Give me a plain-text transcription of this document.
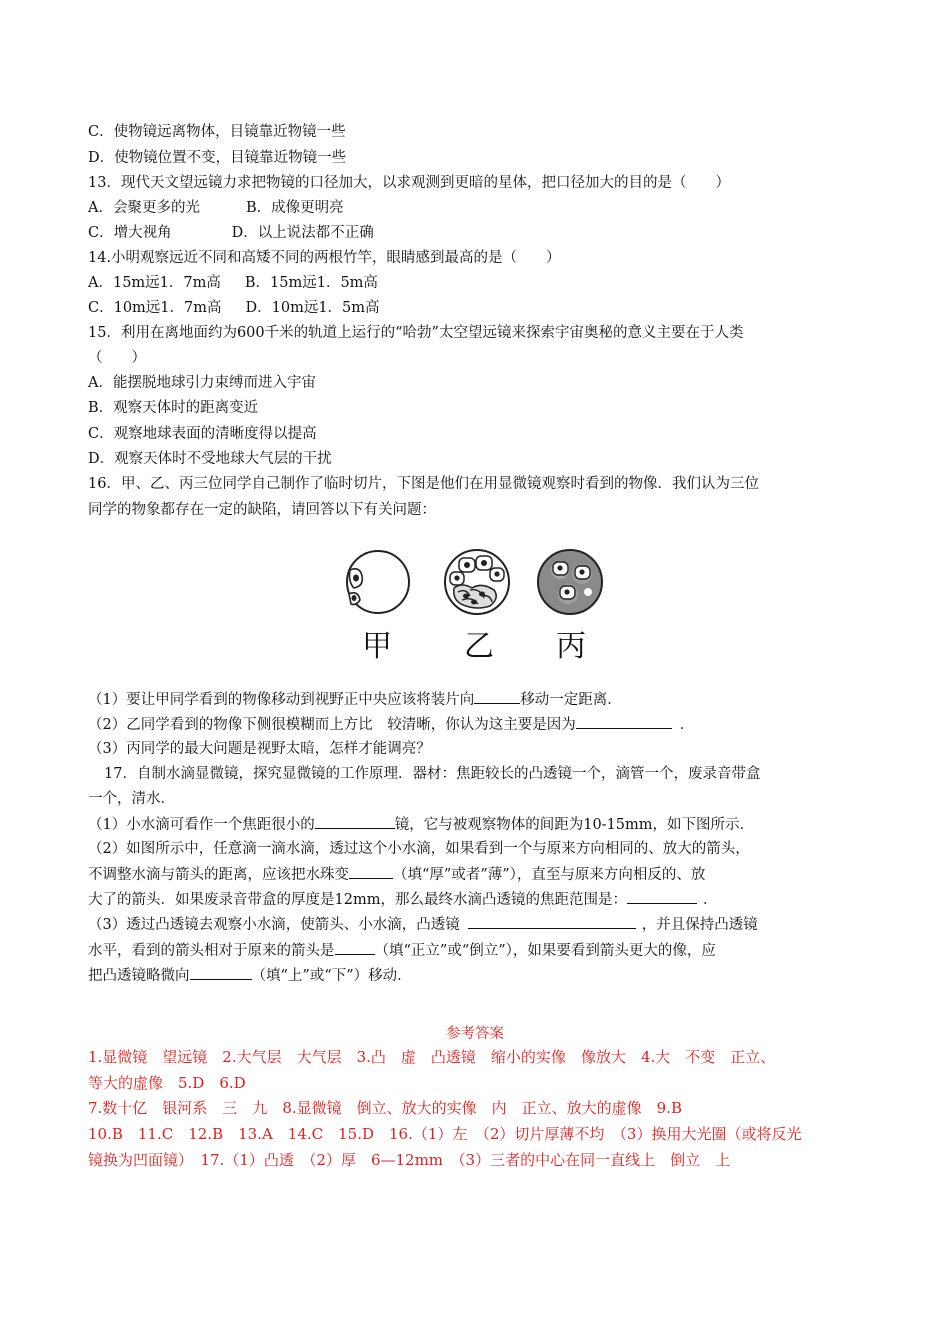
C．使物镜远离物体，目镜靠近物镜一些
D．使物镜位置不变，目镜靠近物镜一些
13．现代天文望远镜力求把物镜的口径加大，以求观测到更暗的星体，把口径加大的目的是（　　）
A．会聚更多的光	B．成像更明亮
C．增大视角	D．以上说法都不正确
14.小明观察远近不同和高矮不同的两根竹竿，眼睛感到最高的是（　　）
A．15m远1．7m高 B．15m远1．5m高
C．10m远1．7m高 D．10m远1．5m高
15．利用在离地面约为600千米的轨道上运行的“哈勃”太空望远镜来探索宇宙奥秘的意义主要在于人类
（　　）
A．能摆脱地球引力束缚而进入宇宙
B．观察天体时的距离变近
C．观察地球表面的清晰度得以提高
D．观察天体时不受地球大气层的干扰
16．甲、乙、丙三位同学自己制作了临时切片，下图是他们在用显微镜观察时看到的物像．我们认为三位
同学的物象都存在一定的缺陷，请回答以下有关问题：
甲 乙 丙
（1）要让甲同学看到的物像移动到视野正中央应该将装片向	移动一定距离．
（2）乙同学看到的物像下侧很模糊而上方比　较清晰，你认为这主要是因为	．
（3）丙同学的最大问题是视野太暗，怎样才能调亮？
17．自制水滴显微镜，探究显微镜的工作原理．器材：焦距较长的凸透镜一个，滴管一个，废录音带盒
一个，清水．
（1）小水滴可看作一个焦距很小的	镜，它与被观察物体的间距为10-15mm，如下图所示．
（2）如图所示中，任意滴一滴水滴，透过这个小水滴，如果看到一个与原来方向相同的、放大的箭头，
不调整水滴与箭头的距离，应该把水珠变	（填“厚”或者”薄”），直至与原来方向相反的、放
大了的箭头．如果废录音带盒的厚度是12mm，那么最终水滴凸透镜的焦距范围是：	．
（3）透过凸透镜去观察小水滴，使箭头、小水滴，凸透镜	，并且保持凸透镜
水平，看到的箭头相对于原来的箭头是	（填“正立”或“倒立”），如果要看到箭头更大的像，应
把凸透镜略微向	（填“上”或“下”）移动．
参考答案
1.显微镜　望远镜　2.大气层　大气层　3.凸　虚　凸透镜　缩小的实像　像放大　4.大　不变　正立、
等大的虚像　5.D　6.D
7.数十亿　银河系　三　九　8.显微镜　倒立、放大的实像　内　正立、放大的虚像　9.B
10.B　11.C　12.B　13.A　14.C　15.D　16.（1）左　（2）切片厚薄不均　（3）换用大光圈（或将反光
镜换为凹面镜）　17.（1）凸透　（2）厚　6—12mm　（3）三者的中心在同一直线上　倒立　上
